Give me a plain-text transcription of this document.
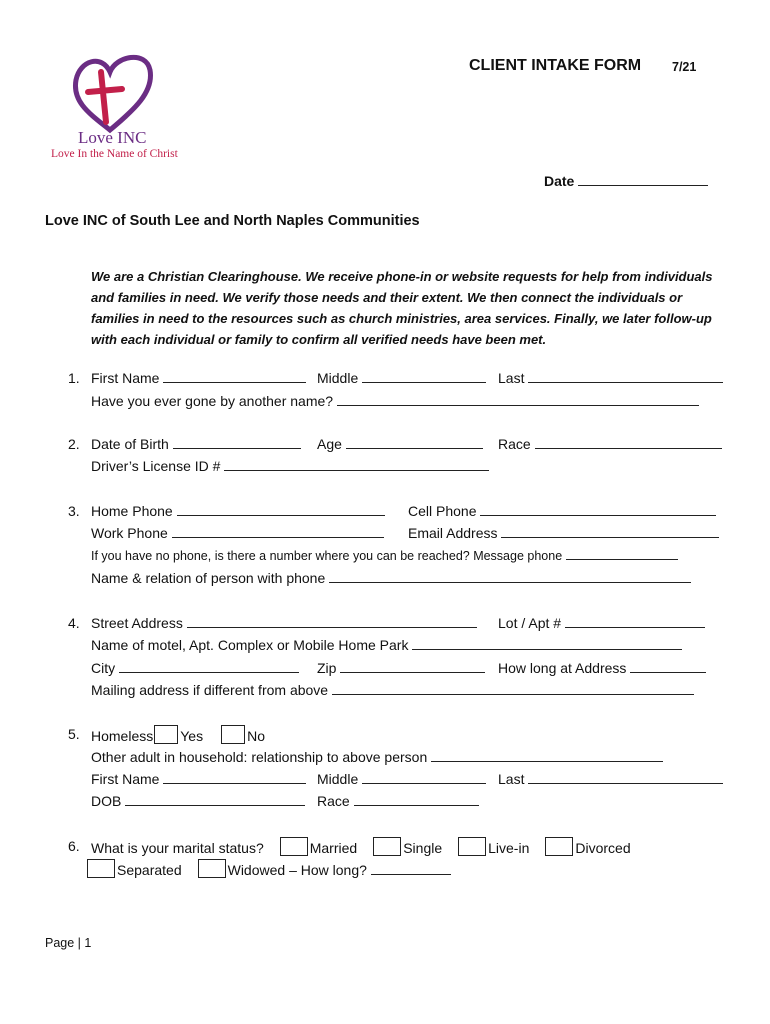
Love INC
Love In the Name of Christ
CLIENT INTAKE FORM 7/21
Date
Love INC of South Lee and North Naples Communities
We are a Christian Clearinghouse. We receive phone-in or website requests for help from individuals and families in need. We verify those needs and their extent. We then connect the individuals or families in need to the resources such as church ministries, area services. Finally, we later follow-up with each individual or family to confirm all verified needs have been met.
1. First Name	Middle	Last
Have you ever gone by another name?
2. Date of Birth	Age	Race
Driver’s License ID #
3. Home Phone	Cell Phone
Work Phone	Email Address
If you have no phone, is there a number where you can be reached? Message phone
Name & relation of person with phone
4. Street Address	Lot / Apt #
Name of motel, Apt. Complex or Mobile Home Park
City	Zip	How long at Address
Mailing address if different from above
5. Homeless Yes	No
Other adult in household: relationship to above person
First Name	Middle	Last
DOB	Race
6. What is your marital status?	Married	Single	Live-in	Divorced
Separated	Widowed – How long?
Page | 1
